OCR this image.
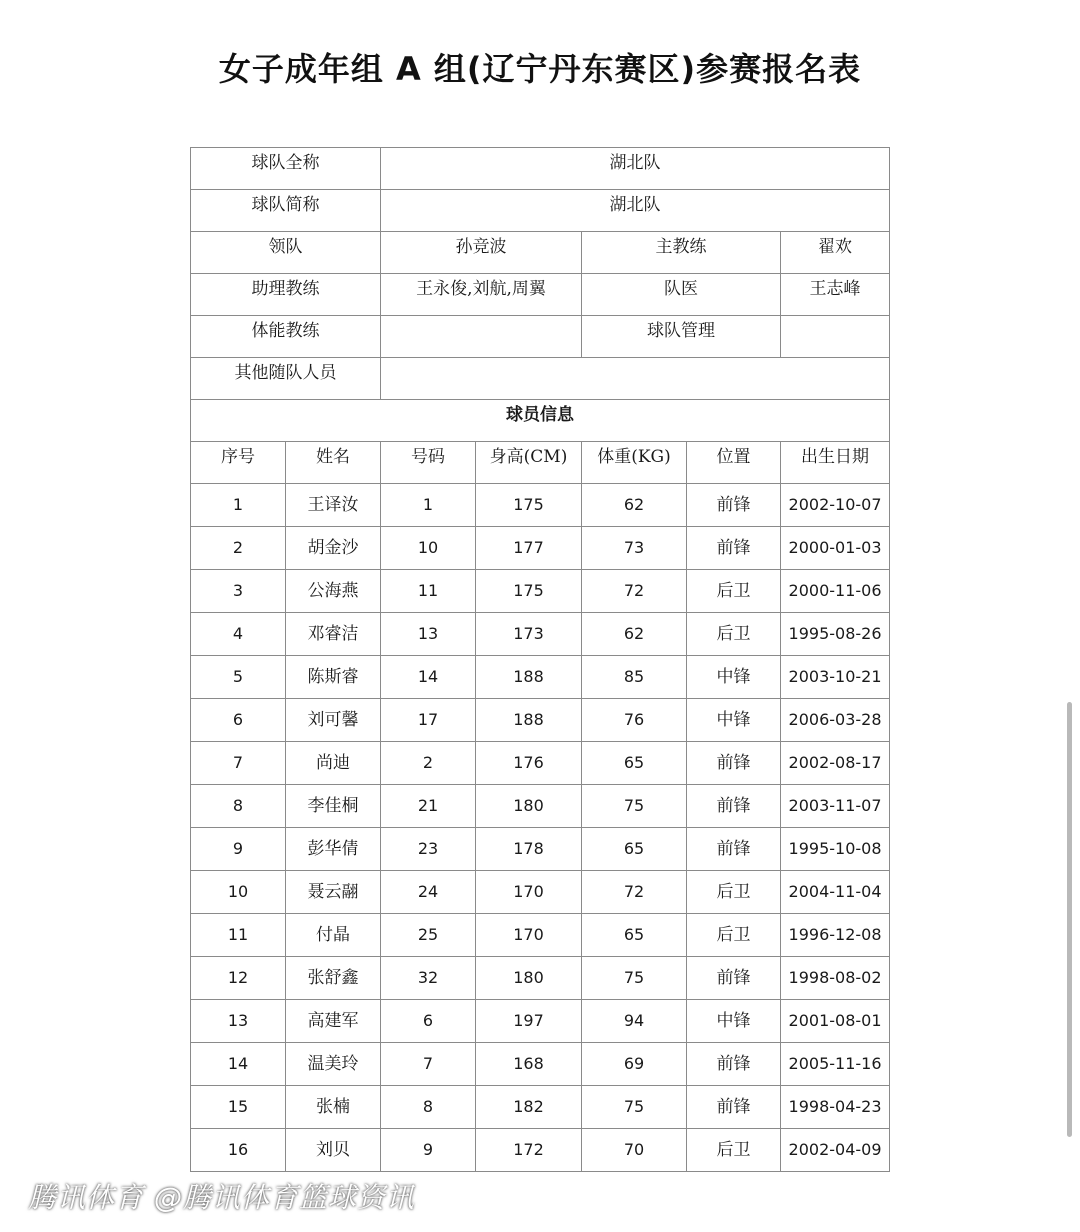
女子成年组 A 组(辽宁丹东赛区)参赛报名表
球队全称		湖北队				
球队简称		湖北队				
领队		孙竞波		主教练		翟欢
助理教练		王永俊,刘航,周翼		队医		王志峰
体能教练				球队管理		
其他随队人员						
球员信息						
序号	姓名	号码	身高(CM)	体重(KG)	位置	出生日期
1	王译汝	1	175	62	前锋	2002-10-07
2	胡金沙	10	177	73	前锋	2000-01-03
3	公海燕	11	175	72	后卫	2000-11-06
4	邓睿洁	13	173	62	后卫	1995-08-26
5	陈斯睿	14	188	85	中锋	2003-10-21
6	刘可馨	17	188	76	中锋	2006-03-28
7	尚迪	2	176	65	前锋	2002-08-17
8	李佳桐	21	180	75	前锋	2003-11-07
9	彭华倩	23	178	65	前锋	1995-10-08
10	聂云翮	24	170	72	后卫	2004-11-04
11	付晶	25	170	65	后卫	1996-12-08
12	张舒鑫	32	180	75	前锋	1998-08-02
13	高建军	6	197	94	中锋	2001-08-01
14	温美玲	7	168	69	前锋	2005-11-16
15	张楠	8	182	75	前锋	1998-04-23
16	刘贝	9	172	70	后卫	2002-04-09
腾讯体育 @腾讯体育篮球资讯
